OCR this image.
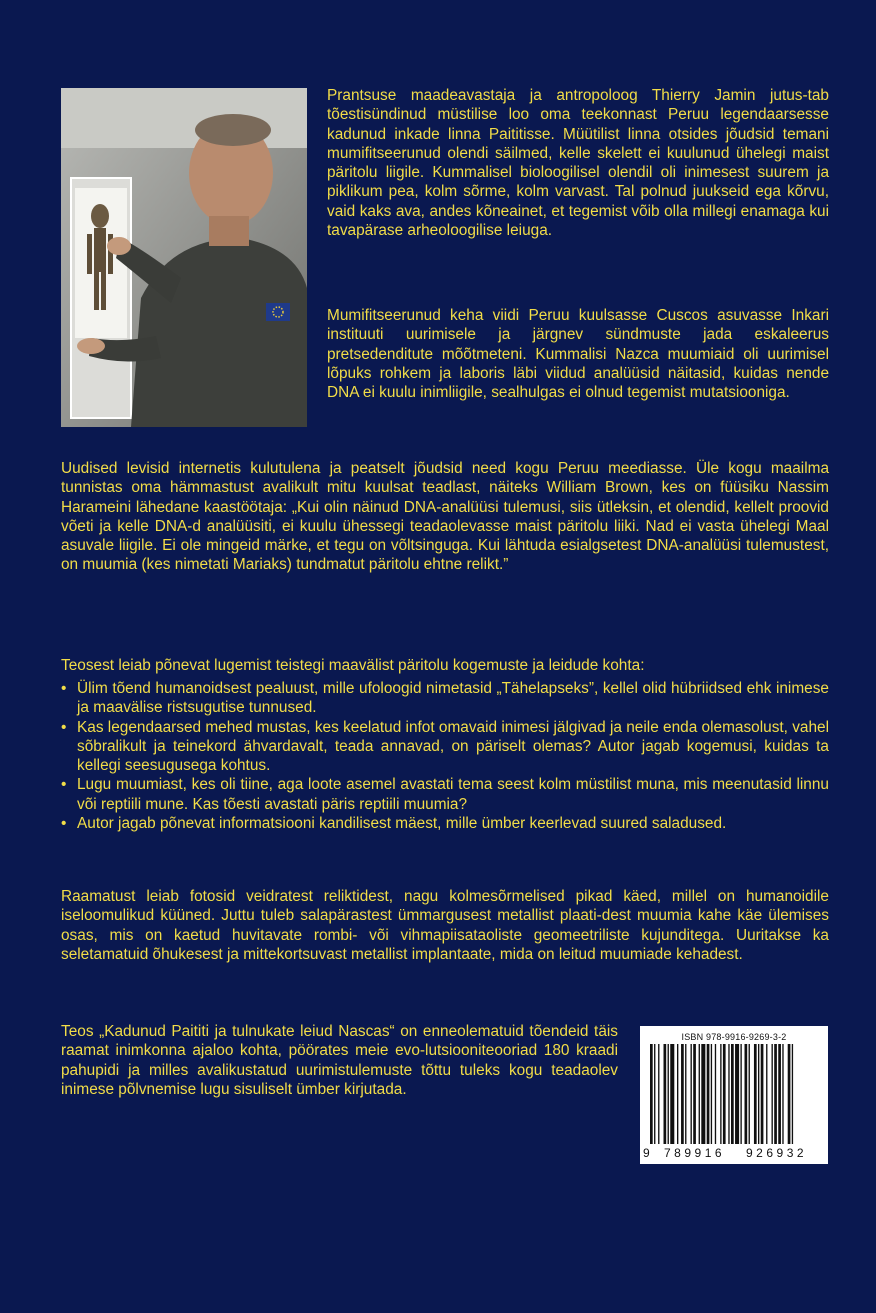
Prantsuse maadeavastaja ja antropoloog Thierry Jamin jutus-tab tõestisündinud müstilise loo oma teekonnast Peruu legendaarsesse kadunud inkade linna Paititisse. Müütilist linna otsides jõudsid temani mumifitseerunud olendi säilmed, kelle skelett ei kuulunud ühelegi maist päritolu liigile. Kummalisel bioloogilisel olendil oli inimesest suurem ja piklikum pea, kolm sõrme, kolm varvast. Tal polnud juukseid ega kõrvu, vaid kaks ava, andes kõneainet, et tegemist võib olla millegi enamaga kui tavapärase arheoloogilise leiuga.

Mumifitseerunud keha viidi Peruu kuulsasse Cuscos asuvasse Inkari instituuti uurimisele ja järgnev sündmuste jada eskaleerus pretsedenditute mõõtmeteni. Kummalisi Nazca muumiaid oli uurimisel lõpuks rohkem ja laboris läbi viidud analüüsid näitasid, kuidas nende DNA ei kuulu inimliigile, sealhulgas ei olnud tegemist mutatsiooniga.

Uudised levisid internetis kulutulena ja peatselt jõudsid need kogu Peruu meediasse. Üle kogu maailma tunnistas oma hämmastust avalikult mitu kuulsat teadlast, näiteks William Brown, kes on füüsiku Nassim Harameini lähedane kaastöötaja: „Kui olin näinud DNA-analüüsi tulemusi, siis ütleksin, et olendid, kellelt proovid võeti ja kelle DNA-d analüüsiti, ei kuulu ühessegi teadaolevasse maist päritolu liiki. Nad ei vasta ühelegi Maal asuvale liigile. Ei ole mingeid märke, et tegu on võltsinguga. Kui lähtuda esialgsetest DNA-analüüsi tulemustest, on muumia (kes nimetati Mariaks) tundmatut päritolu ehtne relikt.”

Teosest leiab põnevat lugemist teistegi maavälist päritolu kogemuste ja leidude kohta:

• Ülim tõend humanoidsest pealuust, mille ufoloogid nimetasid „Tähelapseks”, kellel olid hübriidsed ehk inimese ja maavälise ristsugutise tunnused.
• Kas legendaarsed mehed mustas, kes keelatud infot omavaid inimesi jälgivad ja neile enda olemasolust, vahel sõbralikult ja teinekord ähvardavalt, teada annavad, on päriselt olemas? Autor jagab kogemusi, kuidas ta kellegi seesugusega kohtus.
• Lugu muumiast, kes oli tiine, aga loote asemel avastati tema seest kolm müstilist muna, mis meenutasid linnu või reptiili mune. Kas tõesti avastati päris reptiili muumia?
• Autor jagab põnevat informatsiooni kandilisest mäest, mille ümber keerlevad suured saladused.

Raamatust leiab fotosid veidratest reliktidest, nagu kolmesõrmelised pikad käed, millel on humanoidile iseloomulikud küüned. Juttu tuleb salapärastest ümmargusest metallist plaati-dest muumia kahe käe ülemises osas, mis on kaetud huvitavate rombi- või vihmapiisataoliste geomeetriliste kujunditega. Uuritakse ka seletamatuid õhukesest ja mittekortsuvast metallist implantaate, mida on leitud muumiade kehadest.

Teos „Kadunud Paititi ja tulnukate leiud Nascas“ on enneolematuid tõendeid täis raamat inimkonna ajaloo kohta, pöörates meie evo-lutsiooniteooriad 180 kraadi pahupidi ja milles avalikustatud uurimistulemuste tõttu tuleks kogu teadaolev inimese põlvnemise lugu sisuliselt ümber kirjutada.

ISBN 978-9916-9269-3-2
9 789916 926932
